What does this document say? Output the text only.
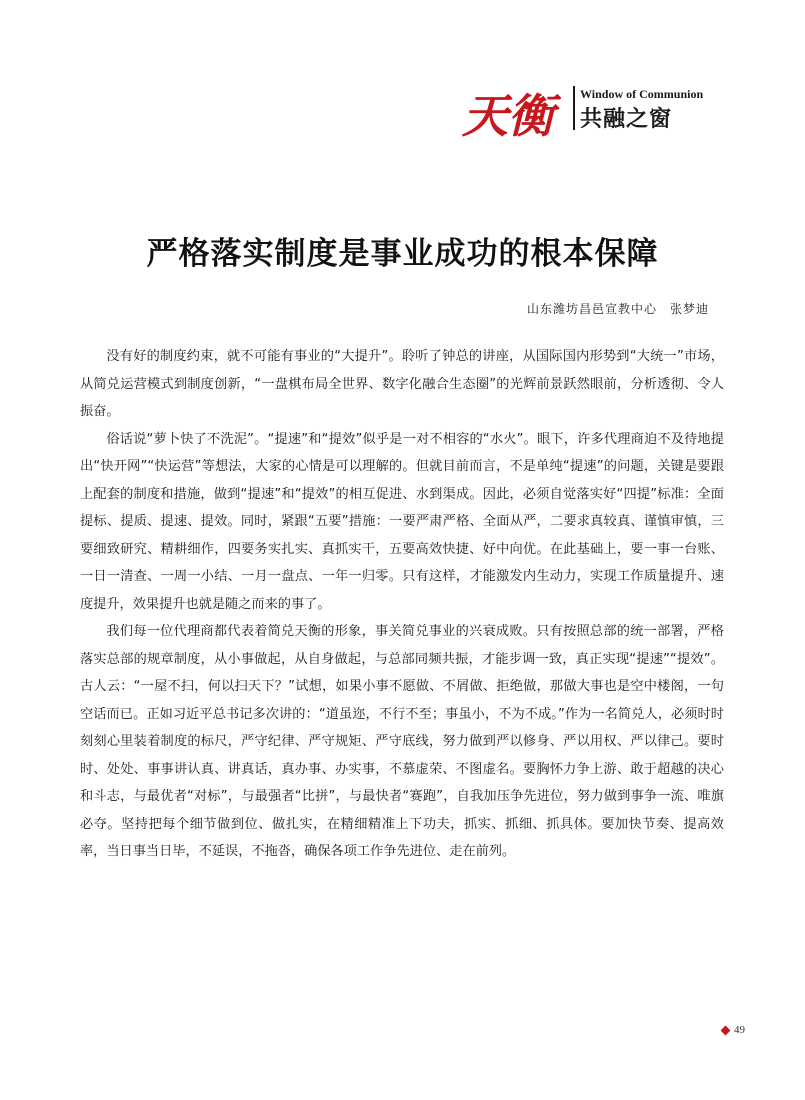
天衡	Window of Communion
共融之窗
严格落实制度是事业成功的根本保障
山东潍坊昌邑宣教中心　张梦迪

没有好的制度约束，就不可能有事业的“大提升”。聆听了钟总的讲座，从国际国内形势到“大统一”市场，从简兑运营模式到制度创新，“一盘棋布局全世界、数字化融合生态圈”的光辉前景跃然眼前，分析透彻、令人振奋。

俗话说“萝卜快了不洗泥”。“提速”和“提效”似乎是一对不相容的“水火”。眼下，许多代理商迫不及待地提出“快开网”“快运营”等想法，大家的心情是可以理解的。但就目前而言，不是单纯“提速”的问题，关键是要跟上配套的制度和措施，做到“提速”和“提效”的相互促进、水到渠成。因此，必须自觉落实好“四提”标准：全面提标、提质、提速、提效。同时，紧跟“五要”措施：一要严肃严格、全面从严，二要求真较真、谨慎审慎，三要细致研究、精耕细作，四要务实扎实、真抓实干，五要高效快捷、好中向优。在此基础上，要一事一台账、一日一清查、一周一小结、一月一盘点、一年一归零。只有这样，才能激发内生动力，实现工作质量提升、速度提升，效果提升也就是随之而来的事了。

我们每一位代理商都代表着简兑天衡的形象，事关简兑事业的兴衰成败。只有按照总部的统一部署，严格落实总部的规章制度，从小事做起，从自身做起，与总部同频共振，才能步调一致，真正实现“提速”“提效”。古人云：“一屋不扫，何以扫天下？”试想，如果小事不愿做、不屑做、拒绝做，那做大事也是空中楼阁，一句空话而已。正如习近平总书记多次讲的：“道虽迩，不行不至；事虽小，不为不成。”作为一名简兑人，必须时时刻刻心里装着制度的标尺，严守纪律、严守规矩、严守底线，努力做到严以修身、严以用权、严以律己。要时时、处处、事事讲认真、讲真话，真办事、办实事，不慕虚荣、不图虚名。要胸怀力争上游、敢于超越的决心和斗志，与最优者“对标”，与最强者“比拼”，与最快者“赛跑”，自我加压争先进位，努力做到事争一流、唯旗必夺。坚持把每个细节做到位、做扎实，在精细精准上下功夫，抓实、抓细、抓具体。要加快节奏、提高效率，当日事当日毕，不延误，不拖沓，确保各项工作争先进位、走在前列。

49
